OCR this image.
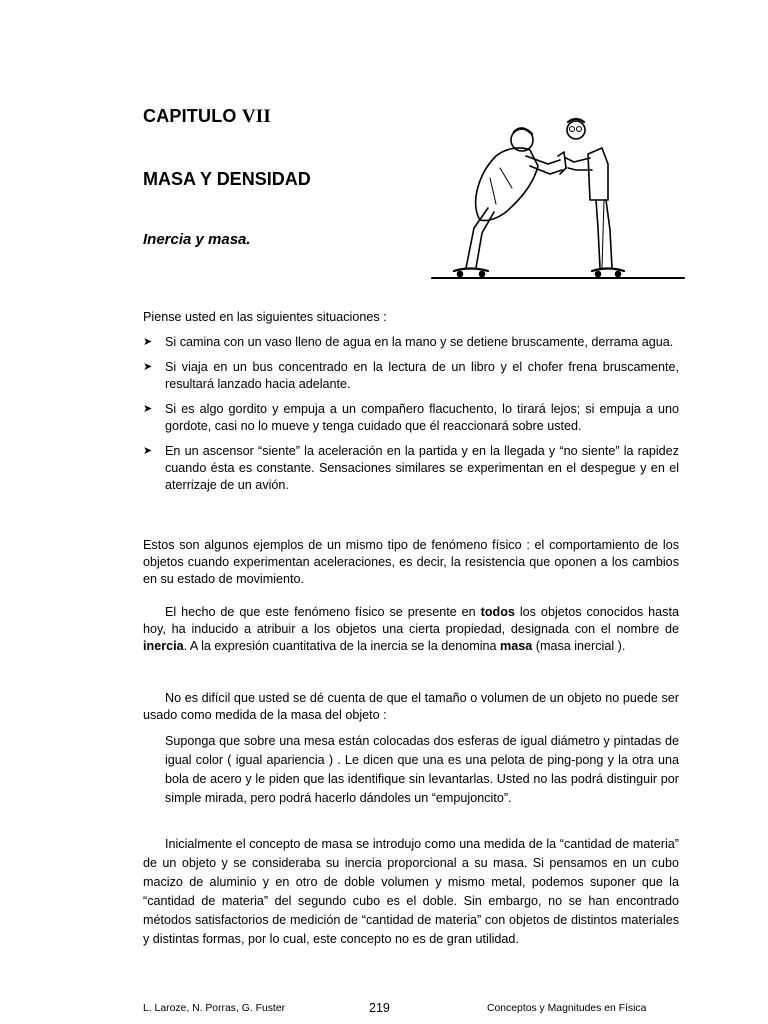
CAPITULO VII
MASA Y DENSIDAD
Inercia y masa.
Piense usted en las siguientes situaciones :
➤ Si camina con un vaso lleno de agua en la mano y se detiene bruscamente, derrama agua.
➤ Si viaja en un bus concentrado en la lectura de un libro y el chofer frena bruscamente, resultará lanzado hacia adelante.
➤ Si es algo gordito y empuja a un compañero flacuchento, lo tirará lejos; si empuja a uno gordote, casi no lo mueve y tenga cuidado que él reaccionará sobre usted.
➤ En un ascensor “siente” la aceleración en la partida y en la llegada y “no siente” la rapidez cuando ésta es constante. Sensaciones similares se experimentan en el despegue y en el aterrizaje de un avión.
Estos son algunos ejemplos de un mismo tipo de fenómeno físico : el comportamiento de los objetos cuando experimentan aceleraciones, es decir, la resistencia que oponen a los cambios en su estado de movimiento.
El hecho de que este fenómeno físico se presente en todos los objetos conocidos hasta hoy, ha inducido a atribuir a los objetos una cierta propiedad, designada con el nombre de inercia. A la expresión cuantitativa de la inercia se la denomina masa (masa inercial ).
No es difícil que usted se dé cuenta de que el tamaño o volumen de un objeto no puede ser usado como medida de la masa del objeto :
Suponga que sobre una mesa están colocadas dos esferas de igual diámetro y pintadas de igual color ( igual apariencia ) . Le dicen que una es una pelota de ping-pong y la otra una bola de acero y le piden que las identifique sin levantarlas. Usted no las podrá distinguir por simple mirada, pero podrá hacerlo dándoles un “empujoncito”.
Inicialmente el concepto de masa se introdujo como una medida de la “cantidad de materia” de un objeto y se consideraba su inercia proporcional a su masa. Si pensamos en un cubo macizo de aluminio y en otro de doble volumen y mismo metal, podemos suponer que la “cantidad de materia” del segundo cubo es el doble. Sin embargo, no se han encontrado métodos satisfactorios de medición de “cantidad de materia” con objetos de distintos materiales y distintas formas, por lo cual, este concepto no es de gran utilidad.
L. Laroze, N. Porras, G. Fuster	219	Conceptos y Magnitudes en Física
